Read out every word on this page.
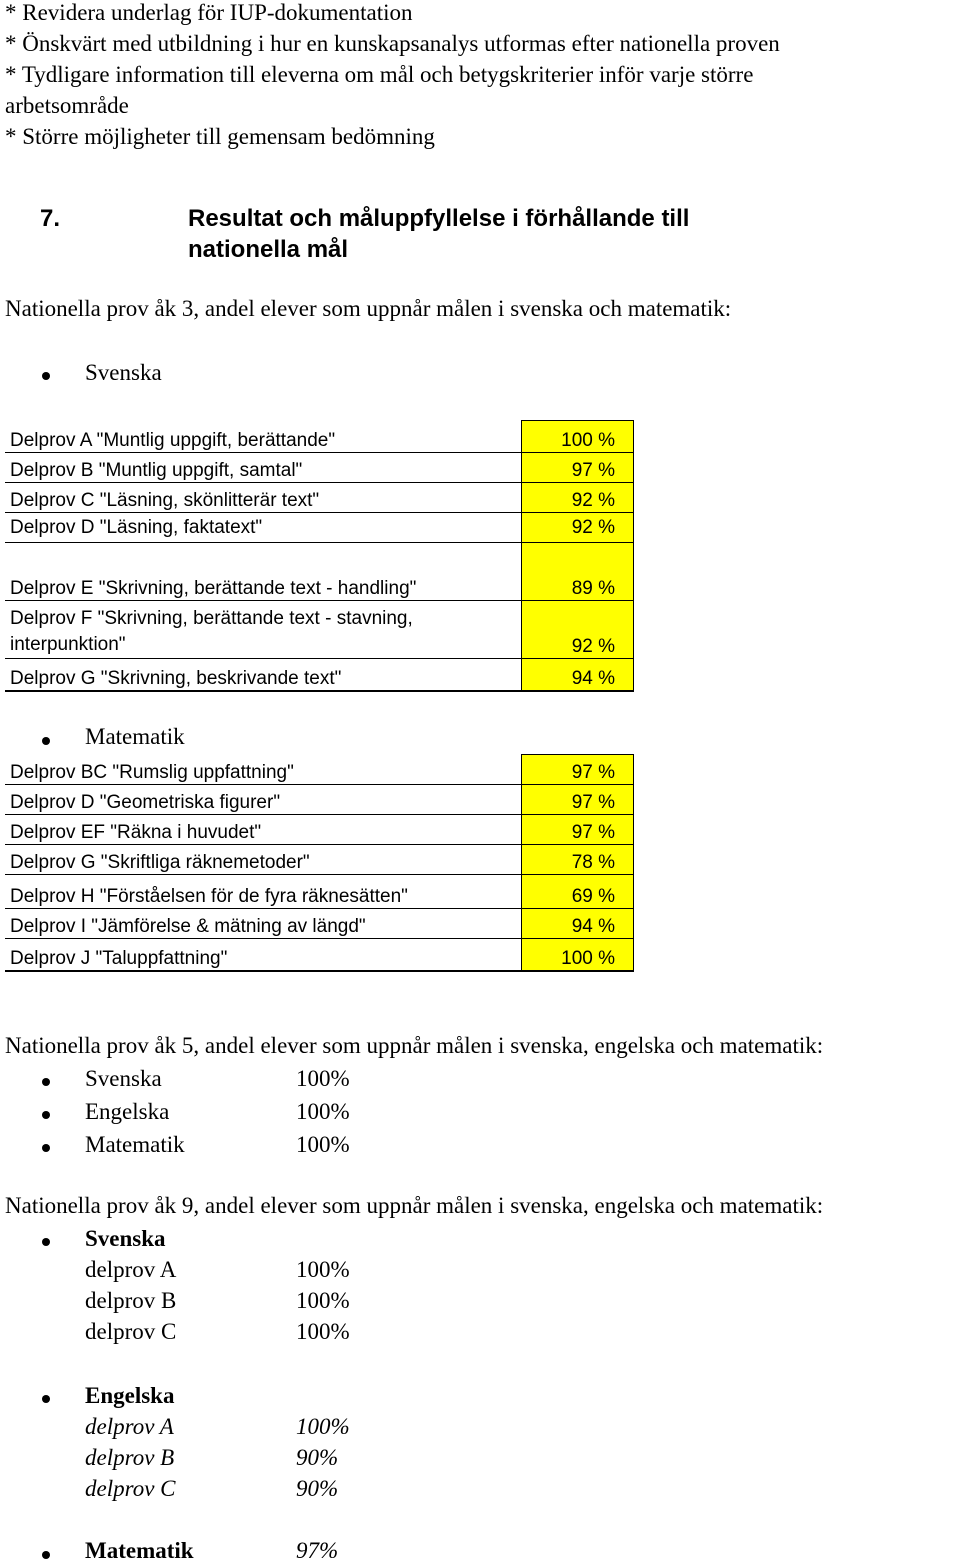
* Revidera underlag för IUP-dokumentation
* Önskvärt med utbildning i hur en kunskapsanalys utformas efter nationella proven
* Tydligare information till eleverna om mål och betygskriterier inför varje större
arbetsområde
* Större möjligheter till gemensam bedömning
7.	Resultat och måluppfyllelse i förhållande till
nationella mål
Nationella prov åk 3, andel elever som uppnår målen i svenska och matematik:
Svenska
Delprov A "Muntlig uppgift, berättande"	100 %
Delprov B "Muntlig uppgift, samtal"	97 %
Delprov C "Läsning, skönlitterär text"	92 %
Delprov D "Läsning, faktatext"	92 %
Delprov E "Skrivning, berättande text - handling"	89 %

Delprov F "Skrivning, berättande text - stavning,
interpunktion"	92 %
Delprov G "Skrivning, beskrivande text"	94 %
Matematik
Delprov BC "Rumslig uppfattning"	97 %
Delprov D "Geometriska figurer"	97 %
Delprov EF "Räkna i huvudet"	97 %
Delprov G "Skriftliga räknemetoder"	78 %
Delprov H "Förståelsen för de fyra räknesätten"	69 %
Delprov I "Jämförelse & mätning av längd"	94 %
Delprov J "Taluppfattning"	100 %
Nationella prov åk 5, andel elever som uppnår målen i svenska, engelska och matematik:
Svenska	100%
Engelska	100%
Matematik	100%
Nationella prov åk 9, andel elever som uppnår målen i svenska, engelska och matematik:
Svenska
delprov A	100%
delprov B	100%
delprov C	100%
Engelska
delprov A	100%
delprov B	90%
delprov C	90%
Matematik	97%
